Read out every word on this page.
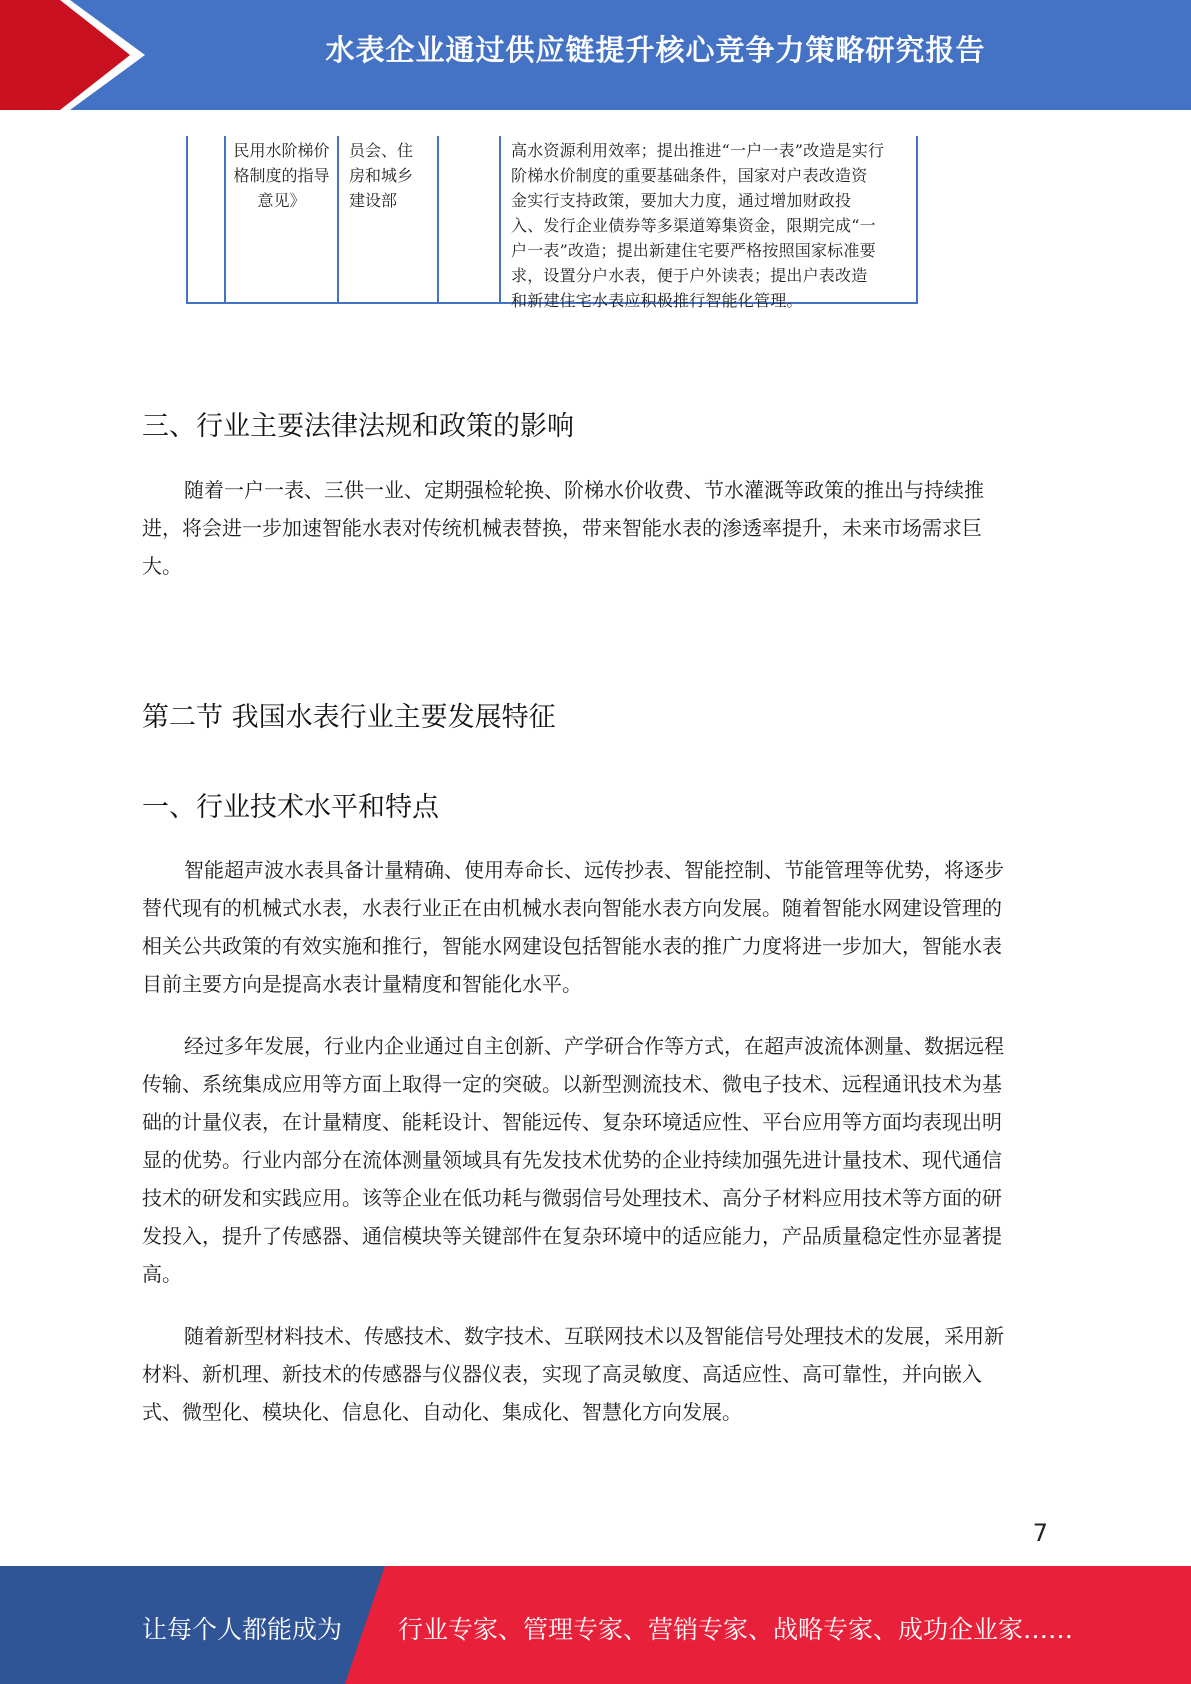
水表企业通过供应链提升核心竞争力策略研究报告
民用水阶梯价
格制度的指导
意见》
员会、住
房和城乡
建设部
高水资源利用效率；提出推进“一户一表”改造是实行
阶梯水价制度的重要基础条件，国家对户表改造资
金实行支持政策，要加大力度，通过增加财政投
入、发行企业债券等多渠道筹集资金，限期完成“一
户一表”改造；提出新建住宅要严格按照国家标准要
求，设置分户水表，便于户外读表；提出户表改造
和新建住宅水表应积极推行智能化管理。
三、行业主要法律法规和政策的影响
随着一户一表、三供一业、定期强检轮换、阶梯水价收费、节水灌溉等政策的推出与持续推
进，将会进一步加速智能水表对传统机械表替换，带来智能水表的渗透率提升，未来市场需求巨
大。
第二节 我国水表行业主要发展特征
一、行业技术水平和特点
智能超声波水表具备计量精确、使用寿命长、远传抄表、智能控制、节能管理等优势，将逐步
替代现有的机械式水表，水表行业正在由机械水表向智能水表方向发展。随着智能水网建设管理的
相关公共政策的有效实施和推行，智能水网建设包括智能水表的推广力度将进一步加大，智能水表
目前主要方向是提高水表计量精度和智能化水平。
经过多年发展，行业内企业通过自主创新、产学研合作等方式，在超声波流体测量、数据远程
传输、系统集成应用等方面上取得一定的突破。以新型测流技术、微电子技术、远程通讯技术为基
础的计量仪表，在计量精度、能耗设计、智能远传、复杂环境适应性、平台应用等方面均表现出明
显的优势。行业内部分在流体测量领域具有先发技术优势的企业持续加强先进计量技术、现代通信
技术的研发和实践应用。该等企业在低功耗与微弱信号处理技术、高分子材料应用技术等方面的研
发投入，提升了传感器、通信模块等关键部件在复杂环境中的适应能力，产品质量稳定性亦显著提
高。
随着新型材料技术、传感技术、数字技术、互联网技术以及智能信号处理技术的发展，采用新
材料、新机理、新技术的传感器与仪器仪表，实现了高灵敏度、高适应性、高可靠性，并向嵌入
式、微型化、模块化、信息化、自动化、集成化、智慧化方向发展。
7
让每个人都能成为 行业专家、管理专家、营销专家、战略专家、成功企业家……
